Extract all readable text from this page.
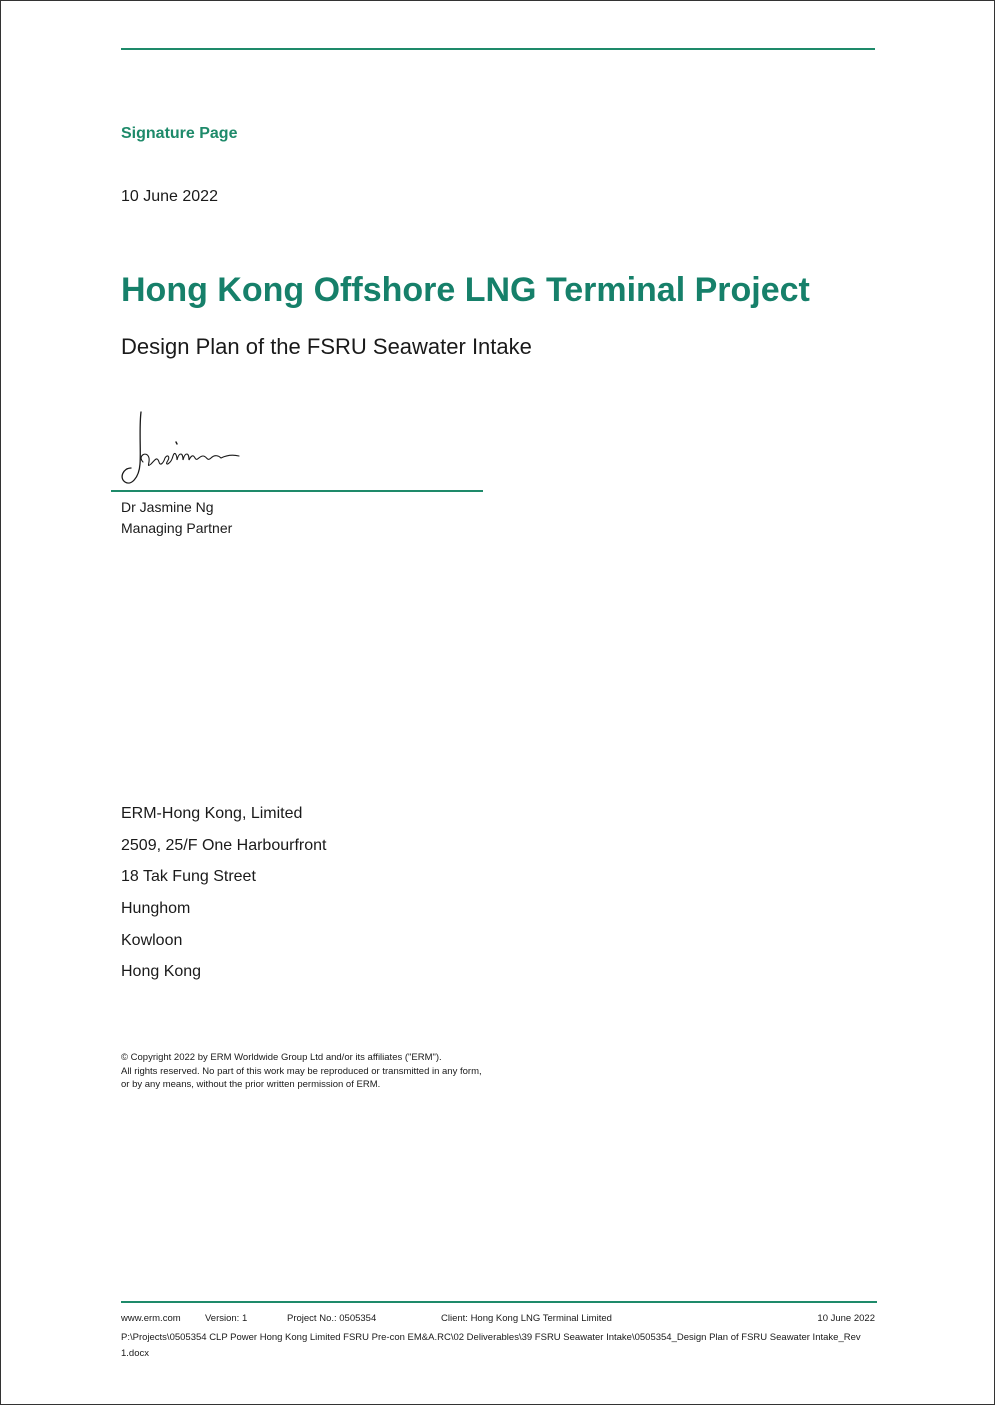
Signature Page
10 June 2022
Hong Kong Offshore LNG Terminal Project
Design Plan of the FSRU Seawater Intake
Dr Jasmine Ng
Managing Partner
ERM-Hong Kong, Limited
2509, 25/F One Harbourfront
18 Tak Fung Street
Hunghom
Kowloon
Hong Kong
© Copyright 2022 by ERM Worldwide Group Ltd and/or its affiliates ("ERM").
All rights reserved. No part of this work may be reproduced or transmitted in any form,
or by any means, without the prior written permission of ERM.
www.erm.com	Version: 1	Project No.: 0505354	Client: Hong Kong LNG Terminal Limited	10 June 2022
P:\Projects\0505354 CLP Power Hong Kong Limited FSRU Pre-con EM&A.RC\02 Deliverables\39 FSRU Seawater Intake\0505354_Design Plan of FSRU Seawater Intake_Rev 1.docx
